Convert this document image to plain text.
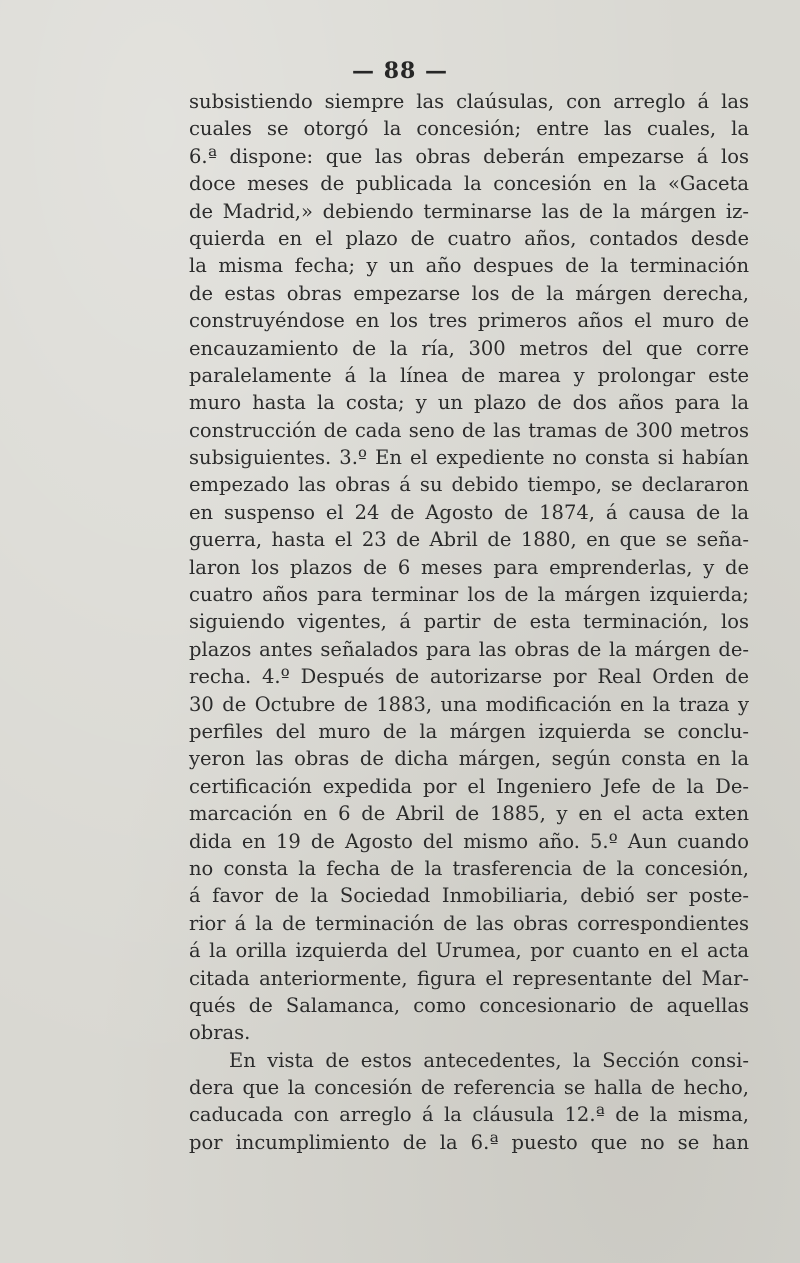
— 88 —
subsistiendo siempre las claúsulas, con arreglo á las
cuales se otorgó la concesión; entre las cuales, la
6.ª dispone: que las obras deberán empezarse á los
doce meses de publicada la concesión en la «Gaceta
de Madrid,» debiendo terminarse las de la márgen iz-
quierda en el plazo de cuatro años, contados desde
la misma fecha; y un año despues de la terminación
de estas obras empezarse los de la márgen derecha,
construyéndose en los tres primeros años el muro de
encauzamiento de la ría, 300 metros del que corre
paralelamente á la línea de marea y prolongar este
muro hasta la costa; y un plazo de dos años para la
construcción de cada seno de las tramas de 300 metros
subsiguientes. 3.º En el expediente no consta si habían
empezado las obras á su debido tiempo, se declararon
en suspenso el 24 de Agosto de 1874, á causa de la
guerra, hasta el 23 de Abril de 1880, en que se seña-
laron los plazos de 6 meses para emprenderlas, y de
cuatro años para terminar los de la márgen izquierda;
siguiendo vigentes, á partir de esta terminación, los
plazos antes señalados para las obras de la márgen de-
recha. 4.º Después de autorizarse por Real Orden de
30 de Octubre de 1883, una modificación en la traza y
perfiles del muro de la márgen izquierda se conclu-
yeron las obras de dicha márgen, según consta en la
certificación expedida por el Ingeniero Jefe de la De-
marcación en 6 de Abril de 1885, y en el acta exten
dida en 19 de Agosto del mismo año. 5.º Aun cuando
no consta la fecha de la trasferencia de la concesión,
á favor de la Sociedad Inmobiliaria, debió ser poste-
rior á la de terminación de las obras correspondientes
á la orilla izquierda del Urumea, por cuanto en el acta
citada anteriormente, figura el representante del Mar-
qués de Salamanca, como concesionario de aquellas
obras.
En vista de estos antecedentes, la Sección consi-
dera que la concesión de referencia se halla de hecho,
caducada con arreglo á la cláusula 12.ª de la misma,
por incumplimiento de la 6.ª puesto que no se han
